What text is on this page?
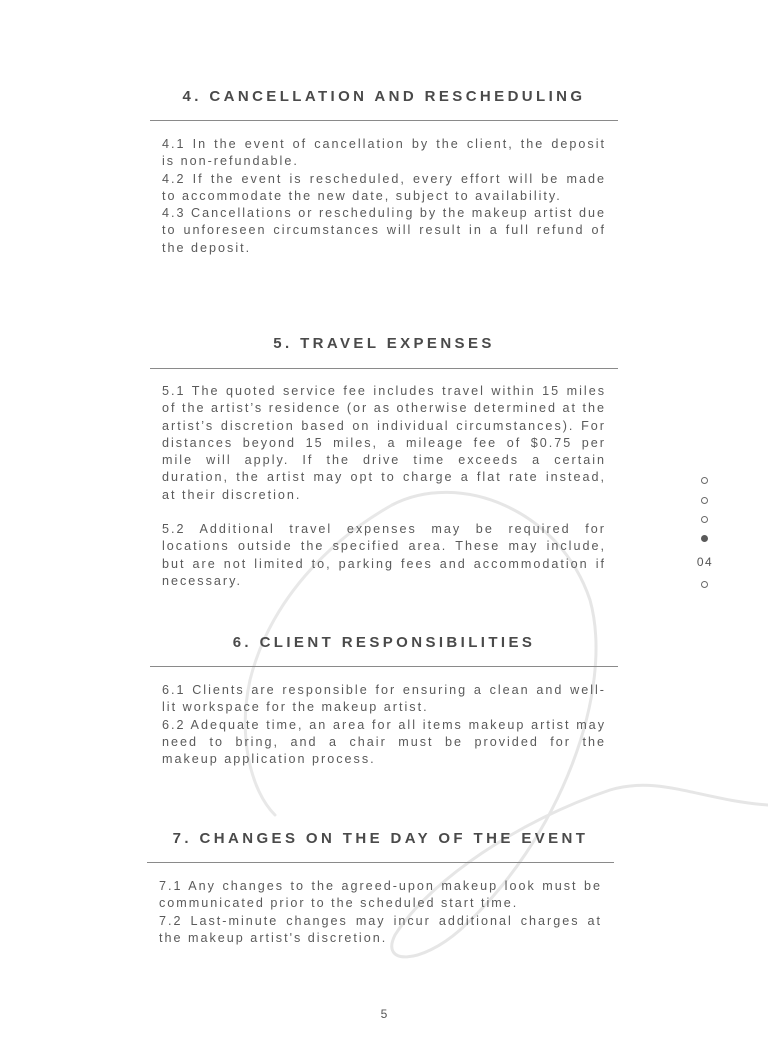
4. CANCELLATION AND RESCHEDULING

4.1 In the event of cancellation by the client, the deposit is non-refundable.

4.2 If the event is rescheduled, every effort will be made to accommodate the new date, subject to availability.

4.3 Cancellations or rescheduling by the makeup artist due to unforeseen circumstances will result in a full refund of the deposit.

5. TRAVEL EXPENSES

5.1 The quoted service fee includes travel within 15 miles of the artist’s residence (or as otherwise determined at the artist’s discretion based on individual circumstances). For distances beyond 15 miles, a mileage fee of $0.75 per mile will apply. If the drive time exceeds a certain duration, the artist may opt to charge a flat rate instead, at their discretion.

5.2 Additional travel expenses may be required for locations outside the specified area. These may include, but are not limited to, parking fees and accommodation if necessary.

6. CLIENT RESPONSIBILITIES

6.1 Clients are responsible for ensuring a clean and well-lit workspace for the makeup artist.

6.2 Adequate time, an area for all items makeup artist may need to bring, and a chair must be provided for the makeup application process.

7. CHANGES ON THE DAY OF THE EVENT

7.1 Any changes to the agreed-upon makeup look must be communicated prior to the scheduled start time.

7.2 Last-minute changes may incur additional charges at the makeup artist's discretion.

04
5
